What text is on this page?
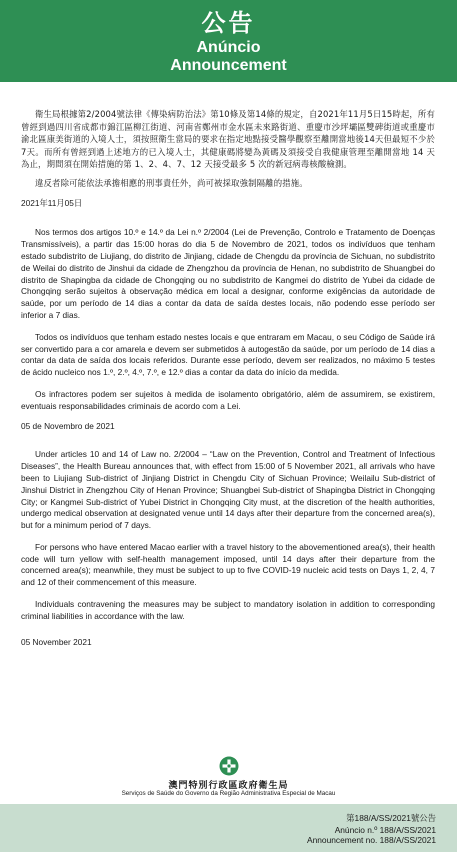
公告
Anúncio
Announcement

衛生局根據第2/2004號法律《傳染病防治法》第10條及第14條的規定，自2021年11月5日15時起，所有曾經到過四川省成都市錦江區柳江街道、河南省鄭州市金水區未來路街道、重慶市沙坪壩區雙碑街道或重慶市渝北區康美街道的入境人士，須按照衛生當局的要求在指定地點接受醫學觀察至離開當地後14天但最短不少於7天。而所有曾經到過上述地方的已入境人士，其健康碼將變為黃碼及須接受自我健康管理至離開當地 14 天為止，期間須在開始措施的第 1、2、4、7、12 天接受最多 5 次的新冠病毒核酸檢測。

違反者除可能依法承擔相應的刑事責任外，尚可被採取強制隔離的措施。

2021年11月05日

Nos termos dos artigos 10.º e 14.º da Lei n.º 2/2004 (Lei de Prevenção, Controlo e Tratamento de Doenças Transmissíveis), a partir das 15:00 horas do dia 5 de Novembro de 2021, todos os indivíduos que tenham estado subdistrito de Liujiang, do distrito de Jinjiang, cidade de Chengdu da província de Sichuan, no subdistrito de Weilai do distrito de Jinshui da cidade de Zhengzhou da província de Henan, no subdistrito de Shuangbei do distrito de Shapingba da cidade de Chongqing ou no subdistrito de Kangmei do distrito de Yubei da cidade de Chongqing serão sujeitos à observação médica em local a designar, conforme exigências da autoridade de saúde, por um período de 14 dias a contar da data de saída destes locais, não podendo esse período ser inferior a 7 dias.

Todos os indivíduos que tenham estado nestes locais e que entraram em Macau, o seu Código de Saúde irá ser convertido para a cor amarela e devem ser submetidos à autogestão da saúde, por um período de 14 dias a contar da data de saída dos locais referidos. Durante esse período, devem ser realizados, no máximo 5 testes de ácido nucleico nos 1.º, 2.º, 4.º, 7.º, e 12.º dias a contar da data do início da medida.

Os infractores podem ser sujeitos à medida de isolamento obrigatório, além de assumirem, se existirem, eventuais responsabilidades criminais de acordo com a Lei.

05 de Novembro de 2021

Under articles 10 and 14 of Law no. 2/2004 – “Law on the Prevention, Control and Treatment of Infectious Diseases”, the Health Bureau announces that, with effect from 15:00 of 5 November 2021, all arrivals who have been to Liujiang Sub-district of Jinjiang District in Chengdu City of Sichuan Province; Weilailu Sub-district of Jinshui District in Zhengzhou City of Henan Province; Shuangbei Sub-district of Shapingba District in Chongqing City; or Kangmei Sub-district of Yubei District in Chongqing City must, at the discretion of the health authorities, undergo medical observation at designated venue until 14 days after their departure from the concerned area(s), but for a minimum period of 7 days.

For persons who have entered Macao earlier with a travel history to the abovementioned area(s), their health code will turn yellow with self-health management imposed, until 14 days after their departure from the concerned area(s); meanwhile, they must be subject to up to five COVID-19 nucleic acid tests on Days 1, 2, 4, 7 and 12 of their commencement of this measure.

Individuals contravening the measures may be subject to mandatory isolation in addition to corresponding criminal liabilities in accordance with the law.

05 November 2021

澳門特別行政區政府衛生局
Serviços de Saúde do Governo da Região Administrativa Especial de Macau
第188/A/SS/2021號公告
Anúncio n.º 188/A/SS/2021
Announcement no. 188/A/SS/2021
